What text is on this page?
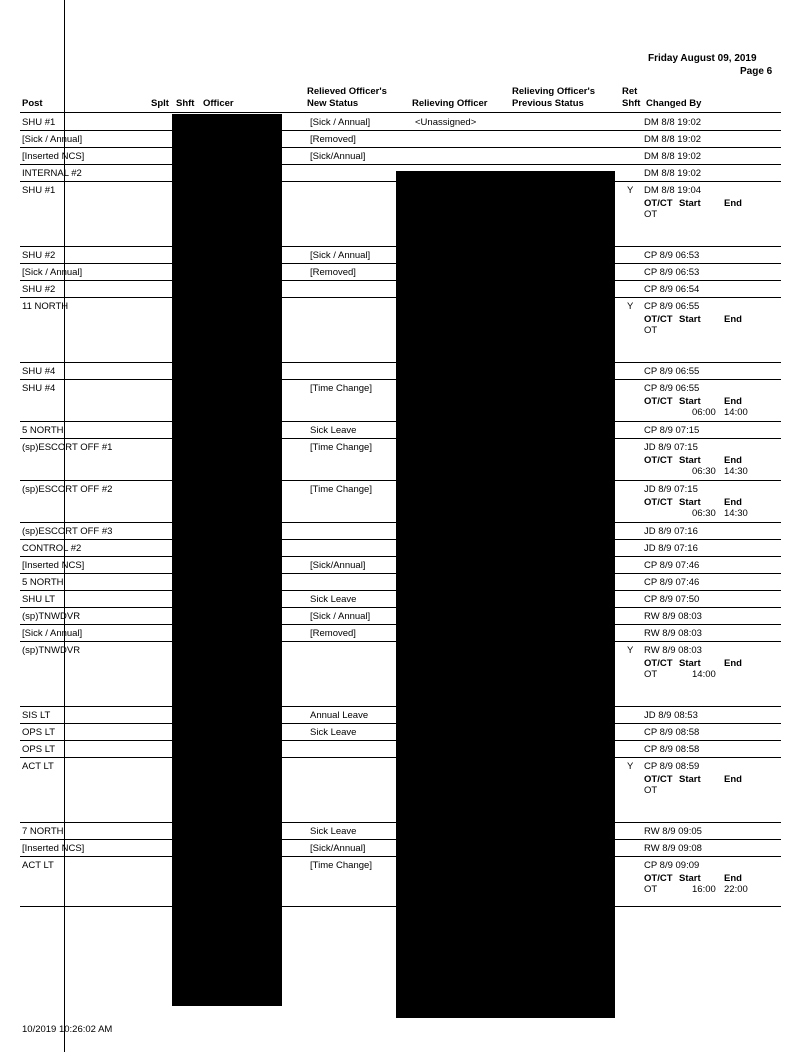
Friday August 09, 2019
Page 6
Post	Splt Shft Officer
Relieved Officer's
New Status	Relieving Officer
Relieving Officer's
Previous Status
Ret
Shft Changed By
SHU #1	[Sick / Annual]	<Unassigned>	DM 8/8 19:02
[Sick / Annual]	[Removed]	DM 8/8 19:02
[Inserted NCS]	[Sick/Annual]	DM 8/8 19:02
INTERNAL #2	DM 8/8 19:02
SHU #1	Y DM 8/8 19:04
OT/CT Start End
OT
SHU #2	[Sick / Annual]	CP 8/9 06:53
[Sick / Annual]	[Removed]	CP 8/9 06:53
SHU #2	CP 8/9 06:54
11 NORTH	Y CP 8/9 06:55
OT/CT Start End
OT
SHU #4	CP 8/9 06:55
SHU #4	[Time Change]	CP 8/9 06:55
OT/CT Start End
06:00 14:00
5 NORTH	Sick Leave	CP 8/9 07:15
(sp)ESCORT OFF #1	[Time Change]	JD 8/9 07:15
OT/CT Start End
06:30 14:30
(sp)ESCORT OFF #2	[Time Change]	JD 8/9 07:15
OT/CT Start End
06:30 14:30
(sp)ESCORT OFF #3	JD 8/9 07:16
CONTROL #2	JD 8/9 07:16
[Inserted NCS]	[Sick/Annual]	CP 8/9 07:46
5 NORTH	CP 8/9 07:46
SHU LT	Sick Leave	CP 8/9 07:50
(sp)TNWDVR	[Sick / Annual]	RW 8/9 08:03
[Sick / Annual]	[Removed]	RW 8/9 08:03
(sp)TNWDVR	Y RW 8/9 08:03
OT/CT Start End
OT	14:00
SIS LT	Annual Leave	JD 8/9 08:53
OPS LT	Sick Leave	CP 8/9 08:58
OPS LT	CP 8/9 08:58
ACT LT	Y CP 8/9 08:59
OT/CT Start End
OT
7 NORTH	Sick Leave	RW 8/9 09:05
[Inserted NCS]	[Sick/Annual]	RW 8/9 09:08
ACT LT	[Time Change]	CP 8/9 09:09
OT/CT Start End
OT	16:00 22:00
10/2019 10:26:02 AM
